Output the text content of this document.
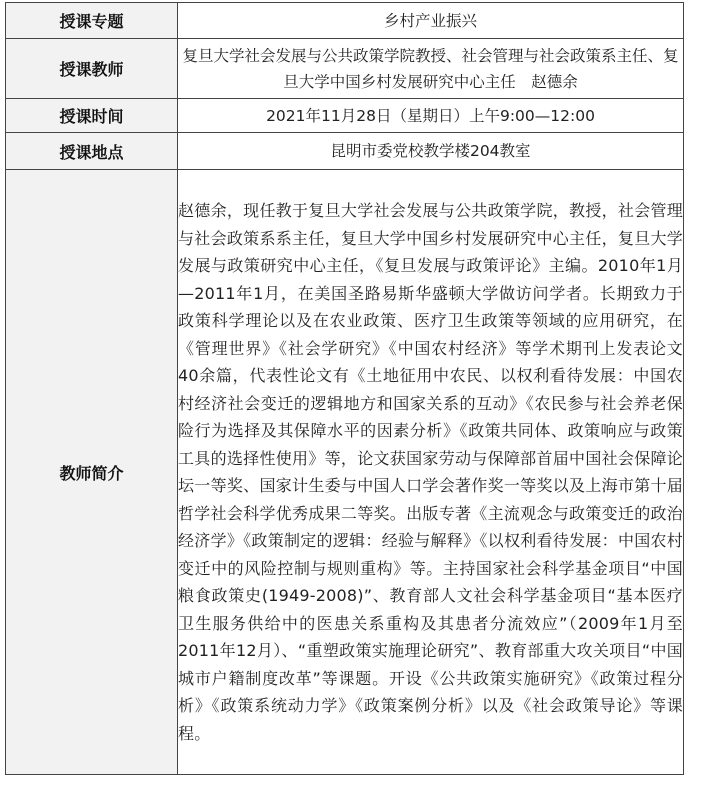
授课专题	乡村产业振兴
授课教师	复旦大学社会发展与公共政策学院教授、社会管理与社会政策系主任、复旦大学中国乡村发展研究中心主任　赵德余
授课时间	2021年11月28日（星期日）上午9:00—12:00
授课地点	昆明市委党校教学楼204教室
教师简介	赵德余，现任教于复旦大学社会发展与公共政策学院，教授，社会管理与社会政策系系主任，复旦大学中国乡村发展研究中心主任，复旦大学发展与政策研究中心主任，《复旦发展与政策评论》主编。2010年1月—2011年1月，在美国圣路易斯华盛顿大学做访问学者。长期致力于政策科学理论以及在农业政策、医疗卫生政策等领域的应用研究，在《管理世界》《社会学研究》《中国农村经济》等学术期刊上发表论文40余篇，代表性论文有《土地征用中农民、以权利看待发展：中国农村经济社会变迁的逻辑地方和国家关系的互动》《农民参与社会养老保险行为选择及其保障水平的因素分析》《政策共同体、政策响应与政策工具的选择性使用》等，论文获国家劳动与保障部首届中国社会保障论坛一等奖、国家计生委与中国人口学会著作奖一等奖以及上海市第十届哲学社会科学优秀成果二等奖。出版专著《主流观念与政策变迁的政治经济学》《政策制定的逻辑：经验与解释》《以权利看待发展：中国农村变迁中的风险控制与规则重构》等。主持国家社会科学基金项目“中国粮食政策史(1949-2008)”、教育部人文社会科学基金项目“基本医疗卫生服务供给中的医患关系重构及其患者分流效应”（2009年1月至2011年12月）、“重塑政策实施理论研究”、教育部重大攻关项目“中国城市户籍制度改革”等课题。开设《公共政策实施研究》《政策过程分析》《政策系统动力学》《政策案例分析》以及《社会政策导论》等课程。
